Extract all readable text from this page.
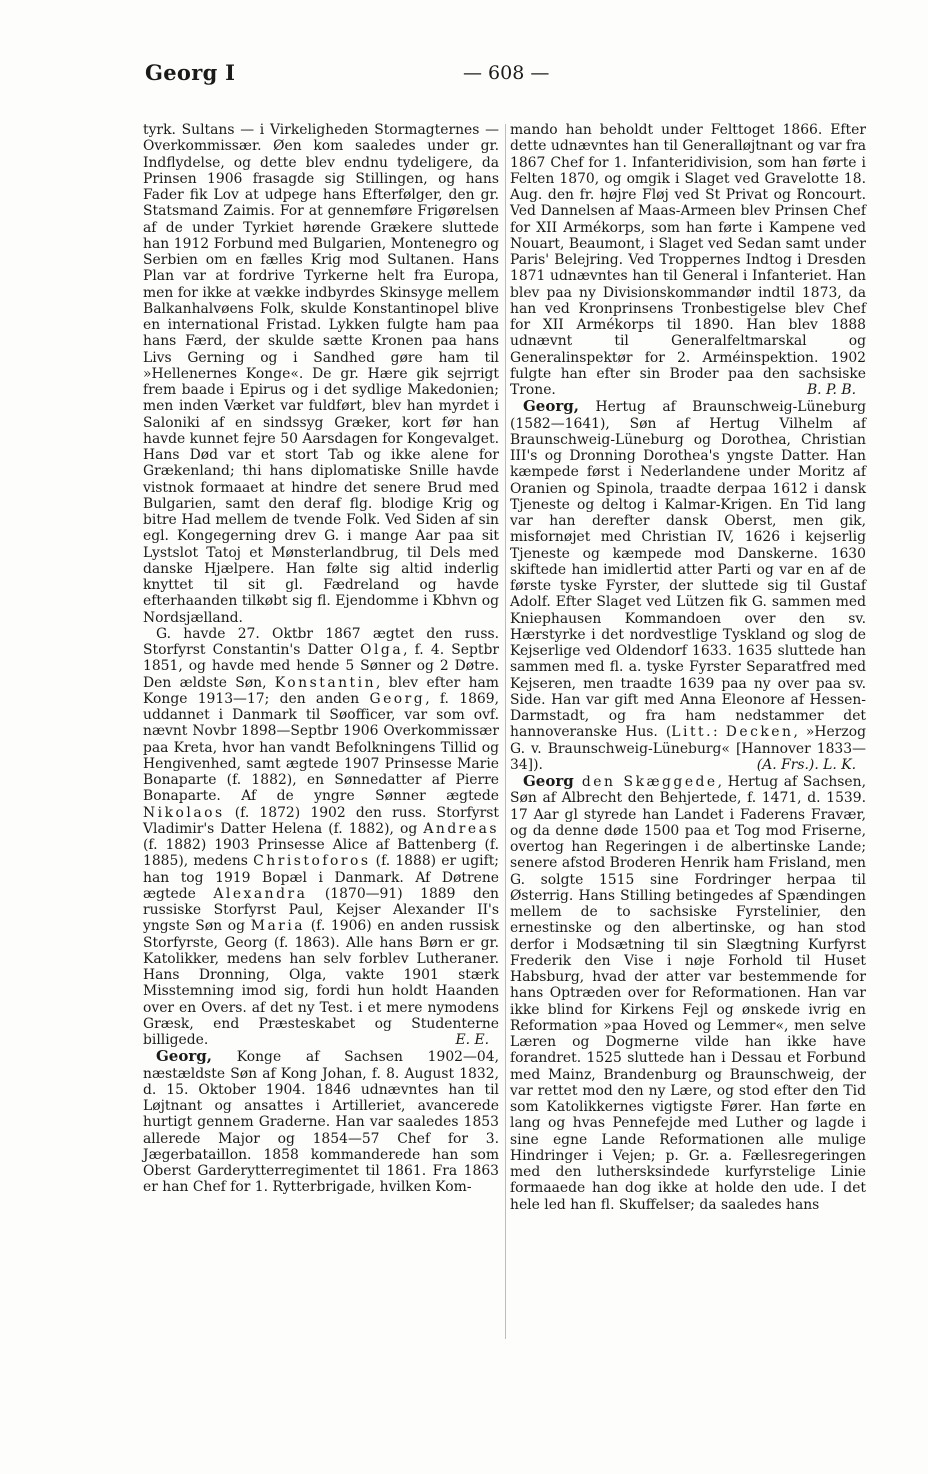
Georg I	— 608 —

tyrk. Sultans — i Virkeligheden Stormagternes — Overkommissær. Øen kom saaledes under gr. Indflydelse, og dette blev endnu tydeligere, da Prinsen 1906 frasagde sig Stillingen, og hans Fader fik Lov at udpege hans Efterfølger, den gr. Statsmand Zaimis. For at gennemføre Frigørelsen af de under Tyrkiet hørende Grækere sluttede han 1912 Forbund med Bulgarien, Montenegro og Serbien om en fælles Krig mod Sultanen. Hans Plan var at fordrive Tyrkerne helt fra Europa, men for ikke at vække indbyrdes Skinsyge mellem Balkanhalvøens Folk, skulde Konstantinopel blive en international Fristad. Lykken fulgte ham paa hans Færd, der skulde sætte Kronen paa hans Livs Gerning og i Sandhed gøre ham til »Hellenernes Konge«. De gr. Hære gik sejrrigt frem baade i Epirus og i det sydlige Makedonien; men inden Værket var fuldført, blev han myrdet i Saloniki af en sindssyg Græker, kort før han havde kunnet fejre 50 Aarsdagen for Kongevalget. Hans Død var et stort Tab og ikke alene for Grækenland; thi hans diplomatiske Snille havde vistnok formaaet at hindre det senere Brud med Bulgarien, samt den deraf flg. blodige Krig og bitre Had mellem de tvende Folk. Ved Siden af sin egl. Kongegerning drev G. i mange Aar paa sit Lystslot Tatoj et Mønsterlandbrug, til Dels med danske Hjælpere. Han følte sig altid inderlig knyttet til sit gl. Fædreland og havde efterhaanden tilkøbt sig fl. Ejendomme i Kbhvn og Nordsjælland.

G. havde 27. Oktbr 1867 ægtet den russ. Storfyrst Constantin's Datter Olga, f. 4. Septbr 1851, og havde med hende 5 Sønner og 2 Døtre. Den ældste Søn, Konstantin, blev efter ham Konge 1913—17; den anden Georg, f. 1869, uddannet i Danmark til Søofficer, var som ovf. nævnt Novbr 1898—Septbr 1906 Overkommissær paa Kreta, hvor han vandt Befolkningens Tillid og Hengivenhed, samt ægtede 1907 Prinsesse Marie Bonaparte (f. 1882), en Sønnedatter af Pierre Bonaparte. Af de yngre Sønner ægtede Nikolaos (f. 1872) 1902 den russ. Storfyrst Vladimir's Datter Helena (f. 1882), og Andreas (f. 1882) 1903 Prinsesse Alice af Battenberg (f. 1885), medens Christoforos (f. 1888) er ugift; han tog 1919 Bopæl i Danmark. Af Døtrene ægtede Alexandra (1870—91) 1889 den russiske Storfyrst Paul, Kejser Alexander II's yngste Søn og Maria (f. 1906) en anden russisk Storfyrste, Georg (f. 1863). Alle hans Børn er gr. Katolikker, medens han selv forblev Lutheraner. Hans Dronning, Olga, vakte 1901 stærk Misstemning imod sig, fordi hun holdt Haanden over en Overs. af det ny Test. i et mere nymodens Græsk, end Præsteskabet og Studenterne billigede.	E. E.

Georg, Konge af Sachsen 1902—04, næstældste Søn af Kong Johan, f. 8. August 1832, d. 15. Oktober 1904. 1846 udnævntes han til Løjtnant og ansattes i Artilleriet, avancerede hurtigt gennem Graderne. Han var saaledes 1853 allerede Major og 1854—57 Chef for 3. Jægerbataillon. 1858 kommanderede han som Oberst Garderytterregimentet til 1861. Fra 1863 er han Chef for 1. Rytterbrigade, hvilken Kom-

mando han beholdt under Felttoget 1866. Efter dette udnævntes han til Generalløjtnant og var fra 1867 Chef for 1. Infanteridivision, som han førte i Felten 1870, og omgik i Slaget ved Gravelotte 18. Aug. den fr. højre Fløj ved St Privat og Roncourt. Ved Dannelsen af Maas-Armeen blev Prinsen Chef for XII Armékorps, som han førte i Kampene ved Nouart, Beaumont, i Slaget ved Sedan samt under Paris' Belejring. Ved Troppernes Indtog i Dresden 1871 udnævntes han til General i Infanteriet. Han blev paa ny Divisionskommandør indtil 1873, da han ved Kronprinsens Tronbestigelse blev Chef for XII Armékorps til 1890. Han blev 1888 udnævnt til Generalfeltmarskal og Generalinspektør for 2. Arméinspektion. 1902 fulgte han efter sin Broder paa den sachsiske Trone.	B. P. B.

Georg, Hertug af Braunschweig-Lüneburg (1582—1641), Søn af Hertug Vilhelm af Braunschweig-Lüneburg og Dorothea, Christian III's og Dronning Dorothea's yngste Datter. Han kæmpede først i Nederlandene under Moritz af Oranien og Spinola, traadte derpaa 1612 i dansk Tjeneste og deltog i Kalmar-Krigen. En Tid lang var han derefter dansk Oberst, men gik, misfornøjet med Christian IV, 1626 i kejserlig Tjeneste og kæmpede mod Danskerne. 1630 skiftede han imidlertid atter Parti og var en af de første tyske Fyrster, der sluttede sig til Gustaf Adolf. Efter Slaget ved Lützen fik G. sammen med Kniephausen Kommandoen over den sv. Hærstyrke i det nordvestlige Tyskland og slog de Kejserlige ved Oldendorf 1633. 1635 sluttede han sammen med fl. a. tyske Fyrster Separatfred med Kejseren, men traadte 1639 paa ny over paa sv. Side. Han var gift med Anna Eleonore af Hessen-Darmstadt, og fra ham nedstammer det hannoveranske Hus. (Litt.: Decken, »Herzog G. v. Braunschweig-Lüneburg« [Hannover 1833—34]).	(A. Frs.). L. K.

Georg den Skæggede, Hertug af Sachsen, Søn af Albrecht den Behjertede, f. 1471, d. 1539. 17 Aar gl styrede han Landet i Faderens Fravær, og da denne døde 1500 paa et Tog mod Friserne, overtog han Regeringen i de albertinske Lande; senere afstod Broderen Henrik ham Frisland, men G. solgte 1515 sine Fordringer herpaa til Østerrig. Hans Stilling betingedes af Spændingen mellem de to sachsiske Fyrstelinier, den ernestinske og den albertinske, og han stod derfor i Modsætning til sin Slægtning Kurfyrst Frederik den Vise i nøje Forhold til Huset Habsburg, hvad der atter var bestemmende for hans Optræden over for Reformationen. Han var ikke blind for Kirkens Fejl og ønskede ivrig en Reformation »paa Hoved og Lemmer«, men selve Læren og Dogmerne vilde han ikke have forandret. 1525 sluttede han i Dessau et Forbund med Mainz, Brandenburg og Braunschweig, der var rettet mod den ny Lære, og stod efter den Tid som Katolikkernes vigtigste Fører. Han førte en lang og hvas Pennefejde med Luther og lagde i sine egne Lande Reformationen alle mulige Hindringer i Vejen; p. Gr. a. Fællesregeringen med den luthersksindede kurfyrstelige Linie formaaede han dog ikke at holde den ude. I det hele led han fl. Skuffelser; da saaledes hans
